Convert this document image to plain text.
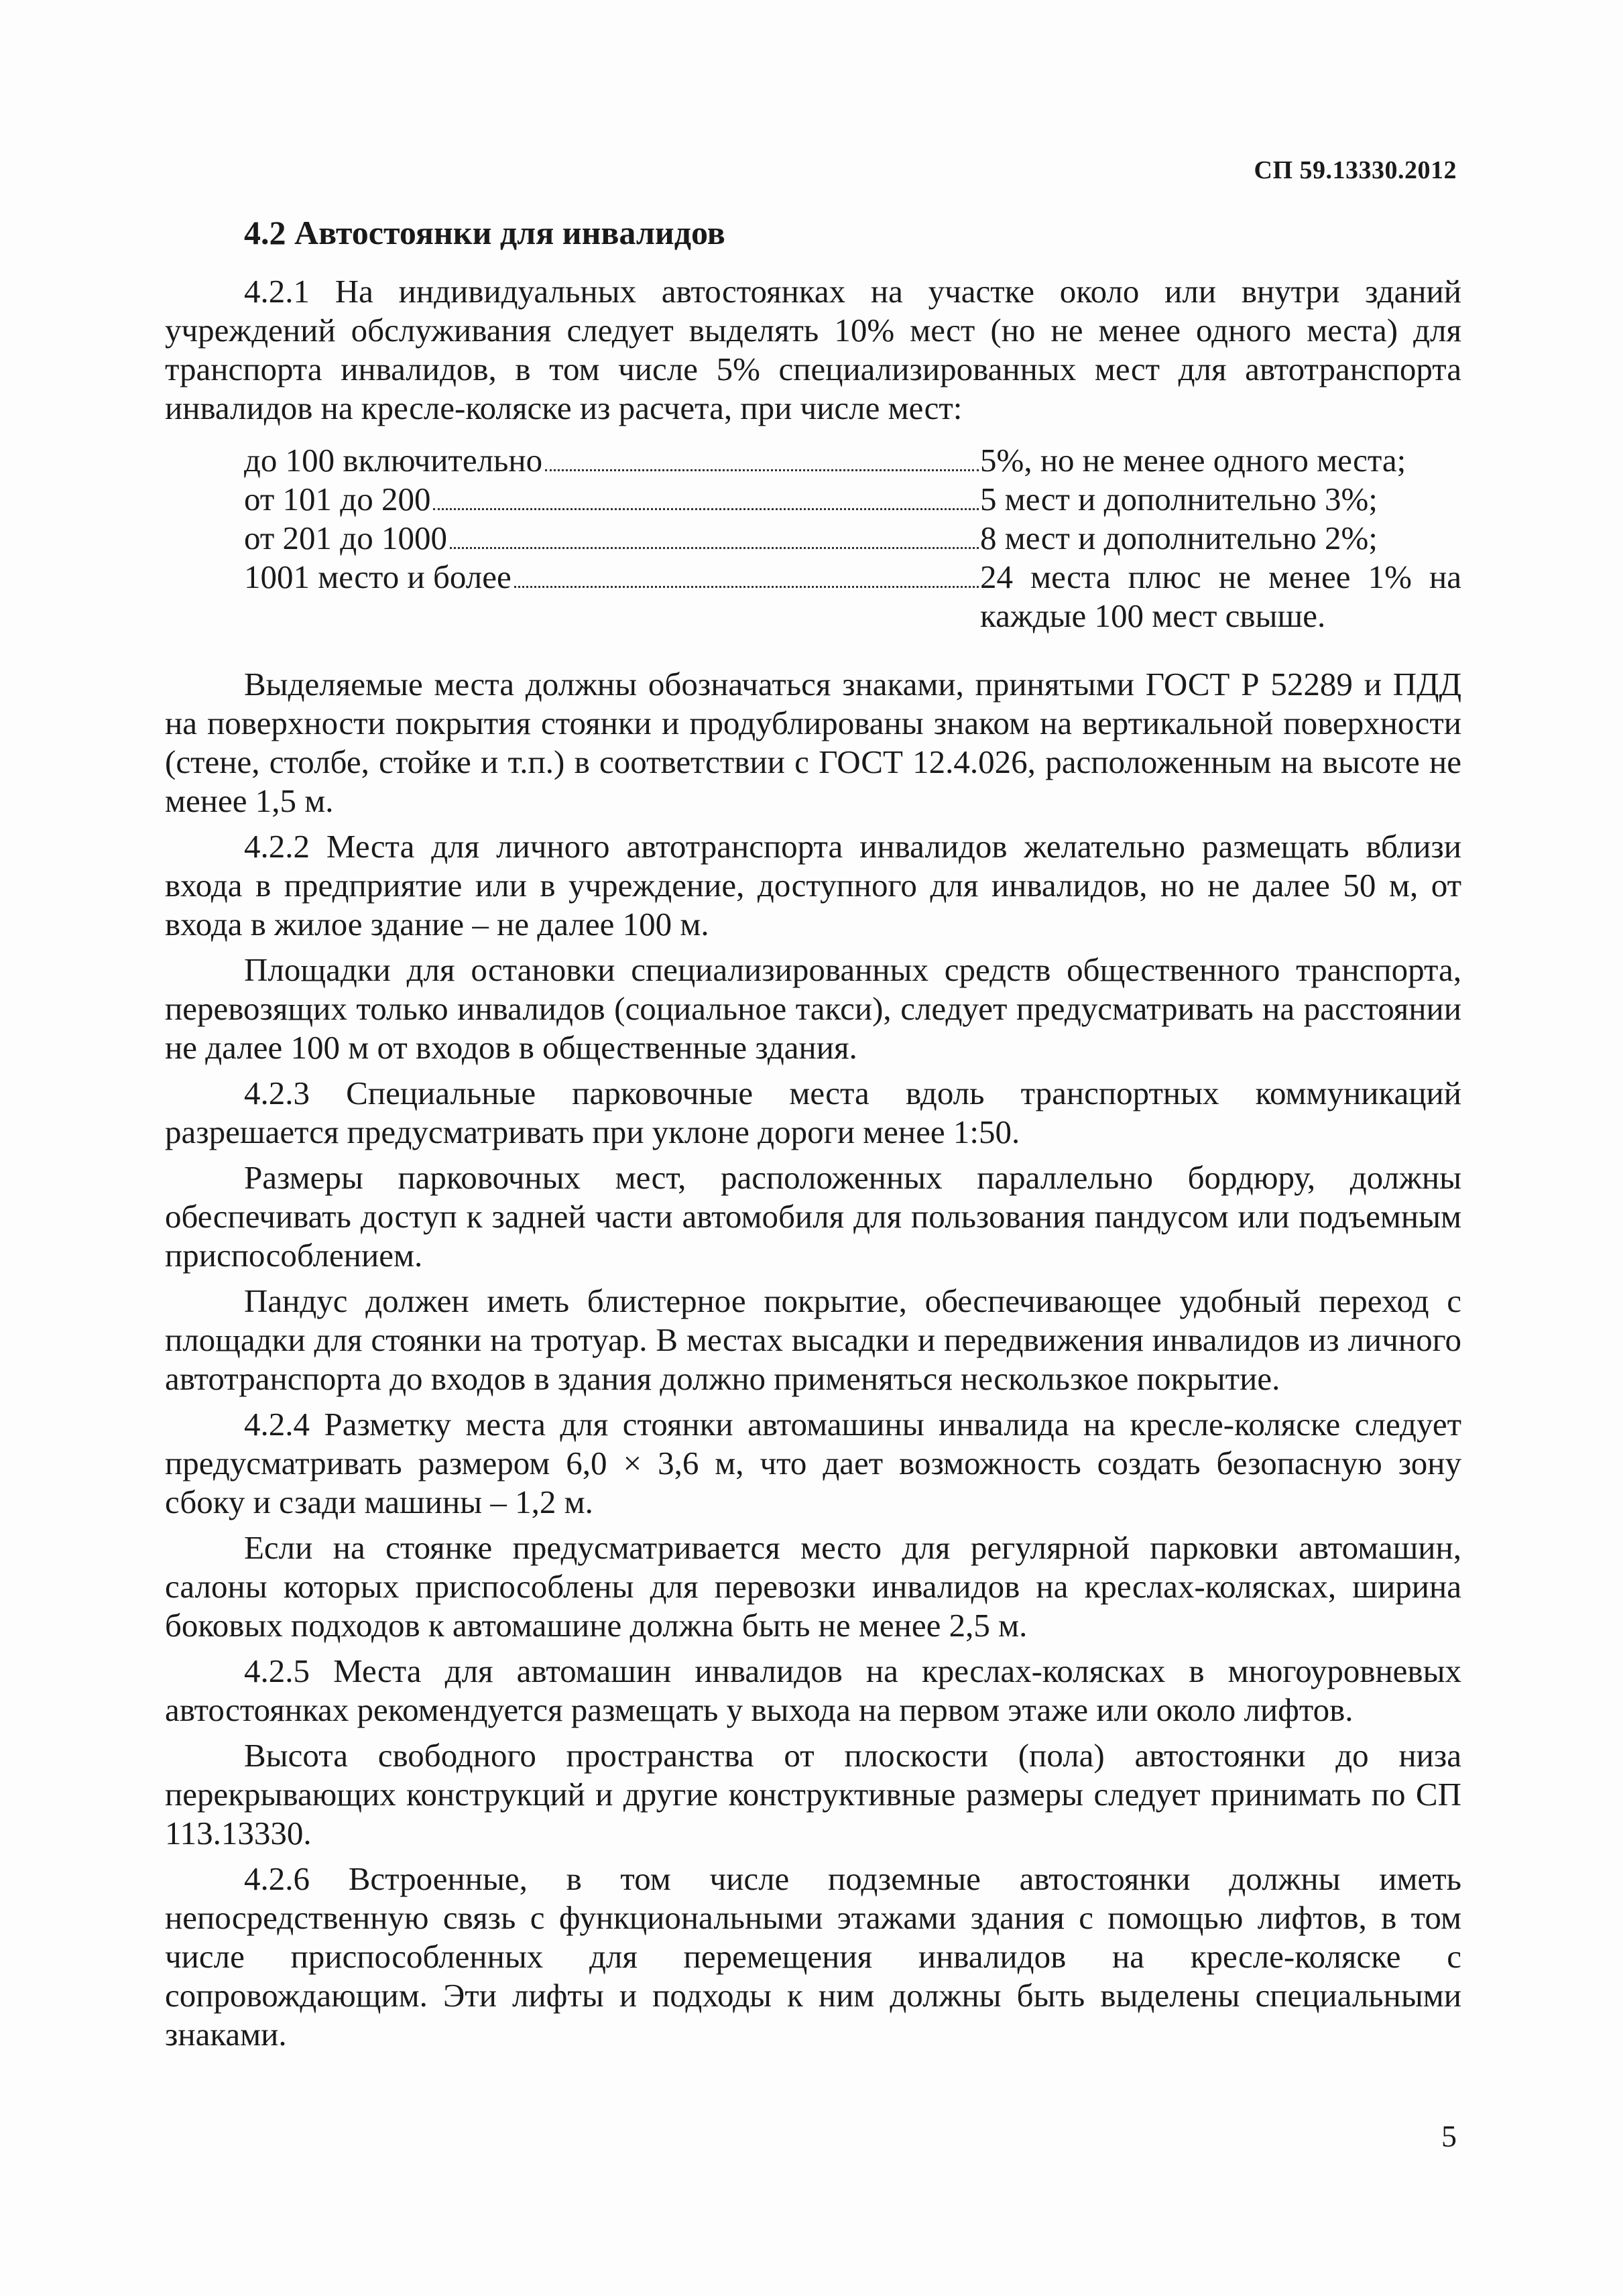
СП 59.13330.2012
4.2 Автостоянки для инвалидов

4.2.1 На индивидуальных автостоянках на участке около или внутри зданий учреждений обслуживания следует выделять 10% мест (но не менее одного места) для транспорта инвалидов, в том числе 5% специализированных мест для автотранспорта инвалидов на кресле-коляске из расчета, при числе мест:

до 100 включительно	5%, но не менее одного места;
от 101 до 200	5 мест и дополнительно 3%;
от 201 до 1000	8 мест и дополнительно 2%;
1001 место и более	24 места плюс не менее 1% на каждые 100 мест свыше.

Выделяемые места должны обозначаться знаками, принятыми ГОСТ Р 52289 и ПДД на поверхности покрытия стоянки и продублированы знаком на вертикальной поверхности (стене, столбе, стойке и т.п.) в соответствии с ГОСТ 12.4.026, расположенным на высоте не менее 1,5 м.

4.2.2 Места для личного автотранспорта инвалидов желательно размещать вблизи входа в предприятие или в учреждение, доступного для инвалидов, но не далее 50 м, от входа в жилое здание – не далее 100 м.

Площадки для остановки специализированных средств общественного транспорта, перевозящих только инвалидов (социальное такси), следует предусматривать на расстоянии не далее 100 м от входов в общественные здания.

4.2.3 Специальные парковочные места вдоль транспортных коммуникаций разрешается предусматривать при уклоне дороги менее 1:50.

Размеры парковочных мест, расположенных параллельно бордюру, должны обеспечивать доступ к задней части автомобиля для пользования пандусом или подъемным приспособлением.

Пандус должен иметь блистерное покрытие, обеспечивающее удобный переход с площадки для стоянки на тротуар. В местах высадки и передвижения инвалидов из личного автотранспорта до входов в здания должно применяться нескользкое покрытие.

4.2.4 Разметку места для стоянки автомашины инвалида на кресле-коляске следует предусматривать размером 6,0 × 3,6 м, что дает возможность создать безопасную зону сбоку и сзади машины – 1,2 м.

Если на стоянке предусматривается место для регулярной парковки автомашин, салоны которых приспособлены для перевозки инвалидов на креслах-колясках, ширина боковых подходов к автомашине должна быть не менее 2,5 м.

4.2.5 Места для автомашин инвалидов на креслах-колясках в многоуровневых автостоянках рекомендуется размещать у выхода на первом этаже или около лифтов.

Высота свободного пространства от плоскости (пола) автостоянки до низа перекрывающих конструкций и другие конструктивные размеры следует принимать по СП 113.13330.

4.2.6 Встроенные, в том числе подземные автостоянки должны иметь непосредственную связь с функциональными этажами здания с помощью лифтов, в том числе приспособленных для перемещения инвалидов на кресле-коляске с сопровождающим. Эти лифты и подходы к ним должны быть выделены специальными знаками.

5
